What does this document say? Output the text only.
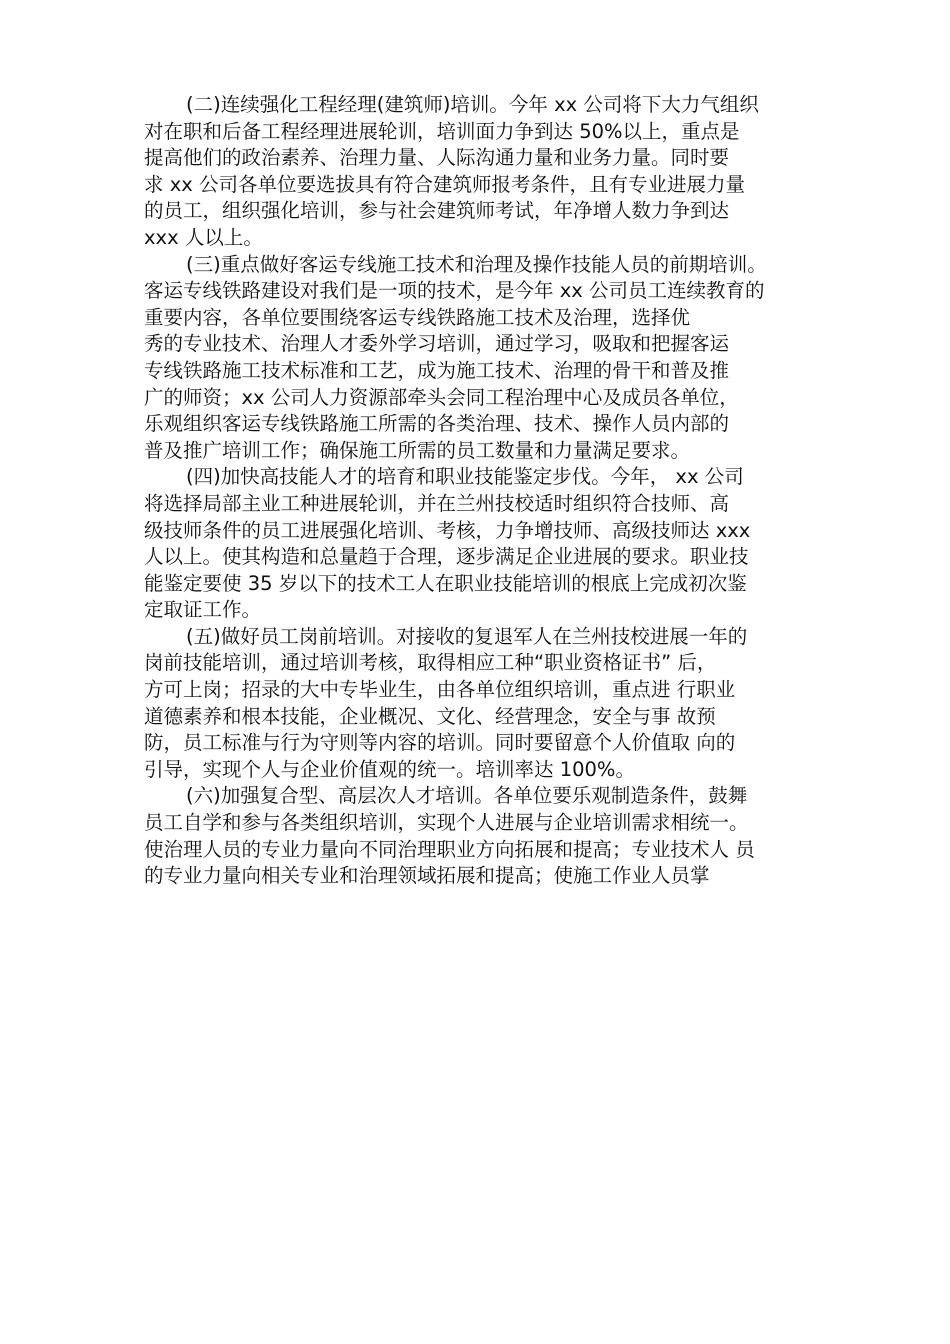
(二)连续强化工程经理(建筑师)培训。今年 xx 公司将下大力气组织
对在职和后备工程经理进展轮训，培训面力争到达 50%以上，重点是
提高他们的政治素养、治理力量、人际沟通力量和业务力量。同时要
求 xx 公司各单位要选拔具有符合建筑师报考条件，且有专业进展力量
的员工，组织强化培训，参与社会建筑师考试，年净增人数力争到达
xxx 人以上。
(三)重点做好客运专线施工技术和治理及操作技能人员的前期培训。
客运专线铁路建设对我们是一项的技术，是今年 xx 公司员工连续教育的
重要内容，各单位要围绕客运专线铁路施工技术及治理，选择优
秀的专业技术、治理人才委外学习培训，通过学习，吸取和把握客运
专线铁路施工技术标准和工艺，成为施工技术、治理的骨干和普及推
广的师资；xx 公司人力资源部牵头会同工程治理中心及成员各单位，
乐观组织客运专线铁路施工所需的各类治理、技术、操作人员内部的
普及推广培训工作；确保施工所需的员工数量和力量满足要求。
(四)加快高技能人才的培育和职业技能鉴定步伐。今年， xx 公司
将选择局部主业工种进展轮训，并在兰州技校适时组织符合技师、高
级技师条件的员工进展强化培训、考核，力争增技师、高级技师达 xxx
人以上。使其构造和总量趋于合理，逐步满足企业进展的要求。职业技
能鉴定要使 35 岁以下的技术工人在职业技能培训的根底上完成初次鉴
定取证工作。
(五)做好员工岗前培训。对接收的复退军人在兰州技校进展一年的
岗前技能培训，通过培训考核，取得相应工种“职业资格证书” 后，
方可上岗；招录的大中专毕业生，由各单位组织培训，重点进 行职业
道德素养和根本技能，企业概况、文化、经营理念，安全与事 故预
防，员工标准与行为守则等内容的培训。同时要留意个人价值取 向的
引导，实现个人与企业价值观的统一。培训率达 100%。
(六)加强复合型、高层次人才培训。各单位要乐观制造条件，鼓舞
员工自学和参与各类组织培训，实现个人进展与企业培训需求相统一。
使治理人员的专业力量向不同治理职业方向拓展和提高；专业技术人 员
的专业力量向相关专业和治理领域拓展和提高；使施工作业人员掌
